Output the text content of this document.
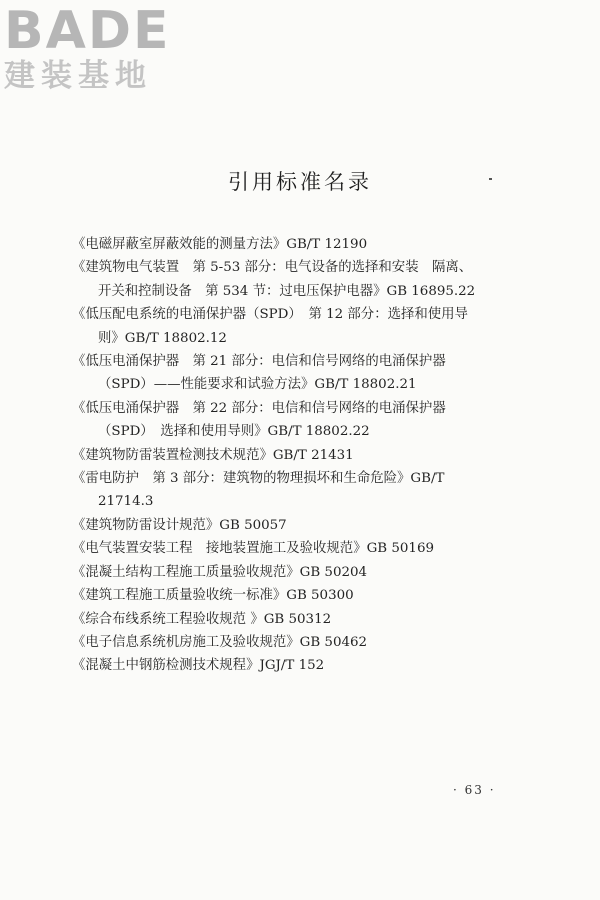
BADE
建装基地
引用标准名录
《电磁屏蔽室屏蔽效能的测量方法》GB/T 12190
《建筑物电气装置　第 5-53 部分：电气设备的选择和安装　隔离、
开关和控制设备　第 534 节：过电压保护电器》GB 16895.22
《低压配电系统的电涌保护器（SPD）　第 12 部分：选择和使用导
则》GB/T 18802.12
《低压电涌保护器　第 21 部分：电信和信号网络的电涌保护器
（SPD）——性能要求和试验方法》GB/T 18802.21
《低压电涌保护器　第 22 部分：电信和信号网络的电涌保护器
（SPD）　选择和使用导则》GB/T 18802.22
《建筑物防雷装置检测技术规范》GB/T 21431
《雷电防护　第 3 部分：建筑物的物理损坏和生命危险》GB/T
21714.3
《建筑物防雷设计规范》GB 50057
《电气装置安装工程　接地装置施工及验收规范》GB 50169
《混凝土结构工程施工质量验收规范》GB 50204
《建筑工程施工质量验收统一标准》GB 50300
《综合布线系统工程验收规范 》GB 50312
《电子信息系统机房施工及验收规范》GB 50462
《混凝土中钢筋检测技术规程》JGJ/T 152
· 63 ·
